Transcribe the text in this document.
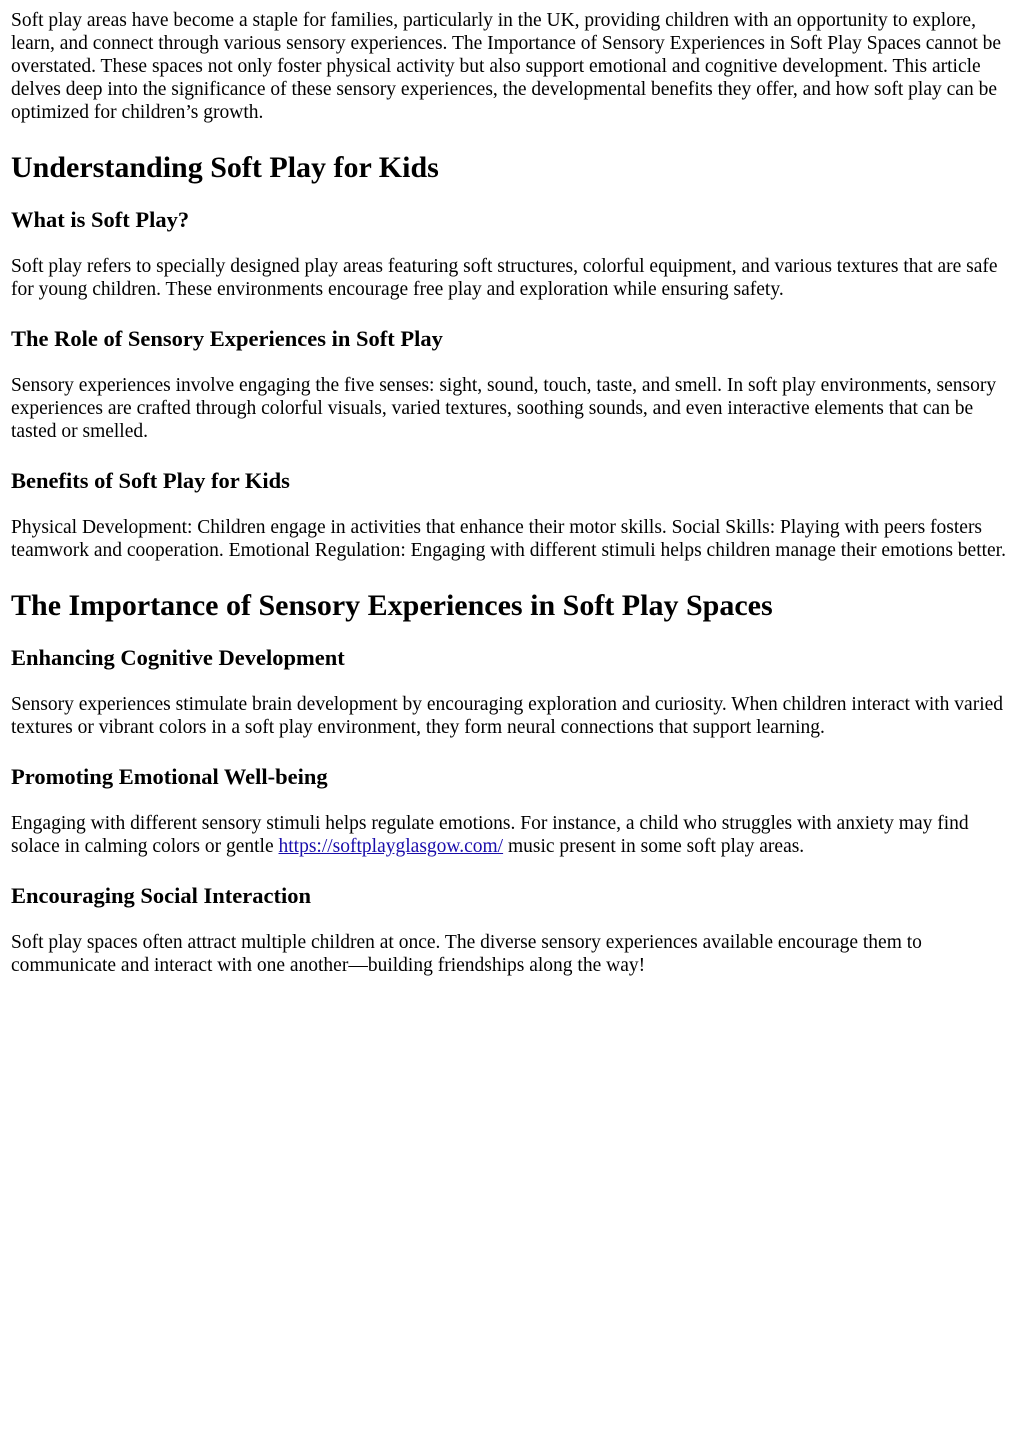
Soft play areas have become a staple for families, particularly in the UK, providing children with an opportunity to explore, learn, and connect through various sensory experiences. The Importance of Sensory Experiences in Soft Play Spaces cannot be overstated. These spaces not only foster physical activity but also support emotional and cognitive development. This article delves deep into the significance of these sensory experiences, the developmental benefits they offer, and how soft play can be optimized for children’s growth.

Understanding Soft Play for Kids
What is Soft Play?

Soft play refers to specially designed play areas featuring soft structures, colorful equipment, and various textures that are safe for young children. These environments encourage free play and exploration while ensuring safety.

The Role of Sensory Experiences in Soft Play

Sensory experiences involve engaging the five senses: sight, sound, touch, taste, and smell. In soft play environments, sensory experiences are crafted through colorful visuals, varied textures, soothing sounds, and even interactive elements that can be tasted or smelled.

Benefits of Soft Play for Kids

Physical Development: Children engage in activities that enhance their motor skills. Social Skills: Playing with peers fosters teamwork and cooperation. Emotional Regulation: Engaging with different stimuli helps children manage their emotions better.

The Importance of Sensory Experiences in Soft Play Spaces
Enhancing Cognitive Development

Sensory experiences stimulate brain development by encouraging exploration and curiosity. When children interact with varied textures or vibrant colors in a soft play environment, they form neural connections that support learning.

Promoting Emotional Well-being

Engaging with different sensory stimuli helps regulate emotions. For instance, a child who struggles with anxiety may find solace in calming colors or gentle https://softplayglasgow.com/ music present in some soft play areas.

Encouraging Social Interaction

Soft play spaces often attract multiple children at once. The diverse sensory experiences available encourage them to communicate and interact with one another—building friendships along the way!
